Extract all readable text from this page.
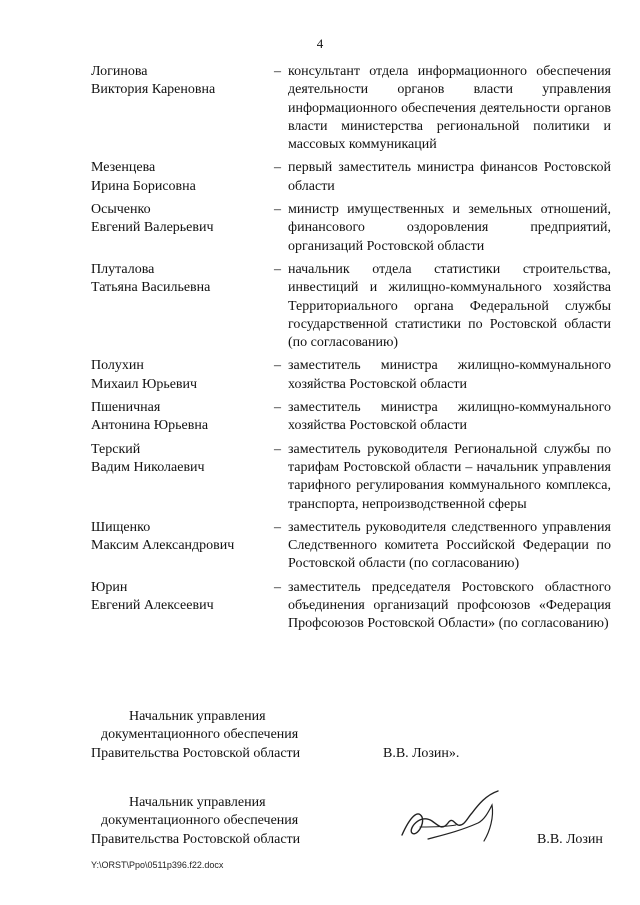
4
Логинова
Виктория Кареновна
– консультант отдела информационного обеспечения деятельности органов власти управления информационного обеспечения деятельности органов власти министерства региональной политики и массовых коммуникаций
Мезенцева
Ирина Борисовна
– первый заместитель министра финансов Ростовской области
Осыченко
Евгений Валерьевич
– министр имущественных и земельных отношений, финансового оздоровления предприятий, организаций Ростовской области
Плуталова
Татьяна Васильевна
– начальник отдела статистики строительства, инвестиций и жилищно-коммунального хозяйства Территориального органа Федеральной службы государственной статистики по Ростовской области (по согласованию)
Полухин
Михаил Юрьевич
– заместитель министра жилищно-коммунального хозяйства Ростовской области
Пшеничная
Антонина Юрьевна
– заместитель министра жилищно-коммунального хозяйства Ростовской области
Терский
Вадим Николаевич
– заместитель руководителя Региональной службы по тарифам Ростовской области – начальник управления тарифного регулирования коммунального комплекса, транспорта, непроизводственной сферы
Шищенко
Максим Александрович
– заместитель руководителя следственного управления Следственного комитета Российской Федерации по Ростовской области (по согласованию)
Юрин
Евгений Алексеевич
– заместитель председателя Ростовского областного объединения организаций профсоюзов «Федерация Профсоюзов Ростовской Области» (по согласованию)
Начальник управления
документационного обеспечения
Правительства Ростовской области	В.В. Лозин».
Начальник управления
документационного обеспечения
Правительства Ростовской области	В.В. Лозин
Y:\ORST\Ppo\0511p396.f22.docx
